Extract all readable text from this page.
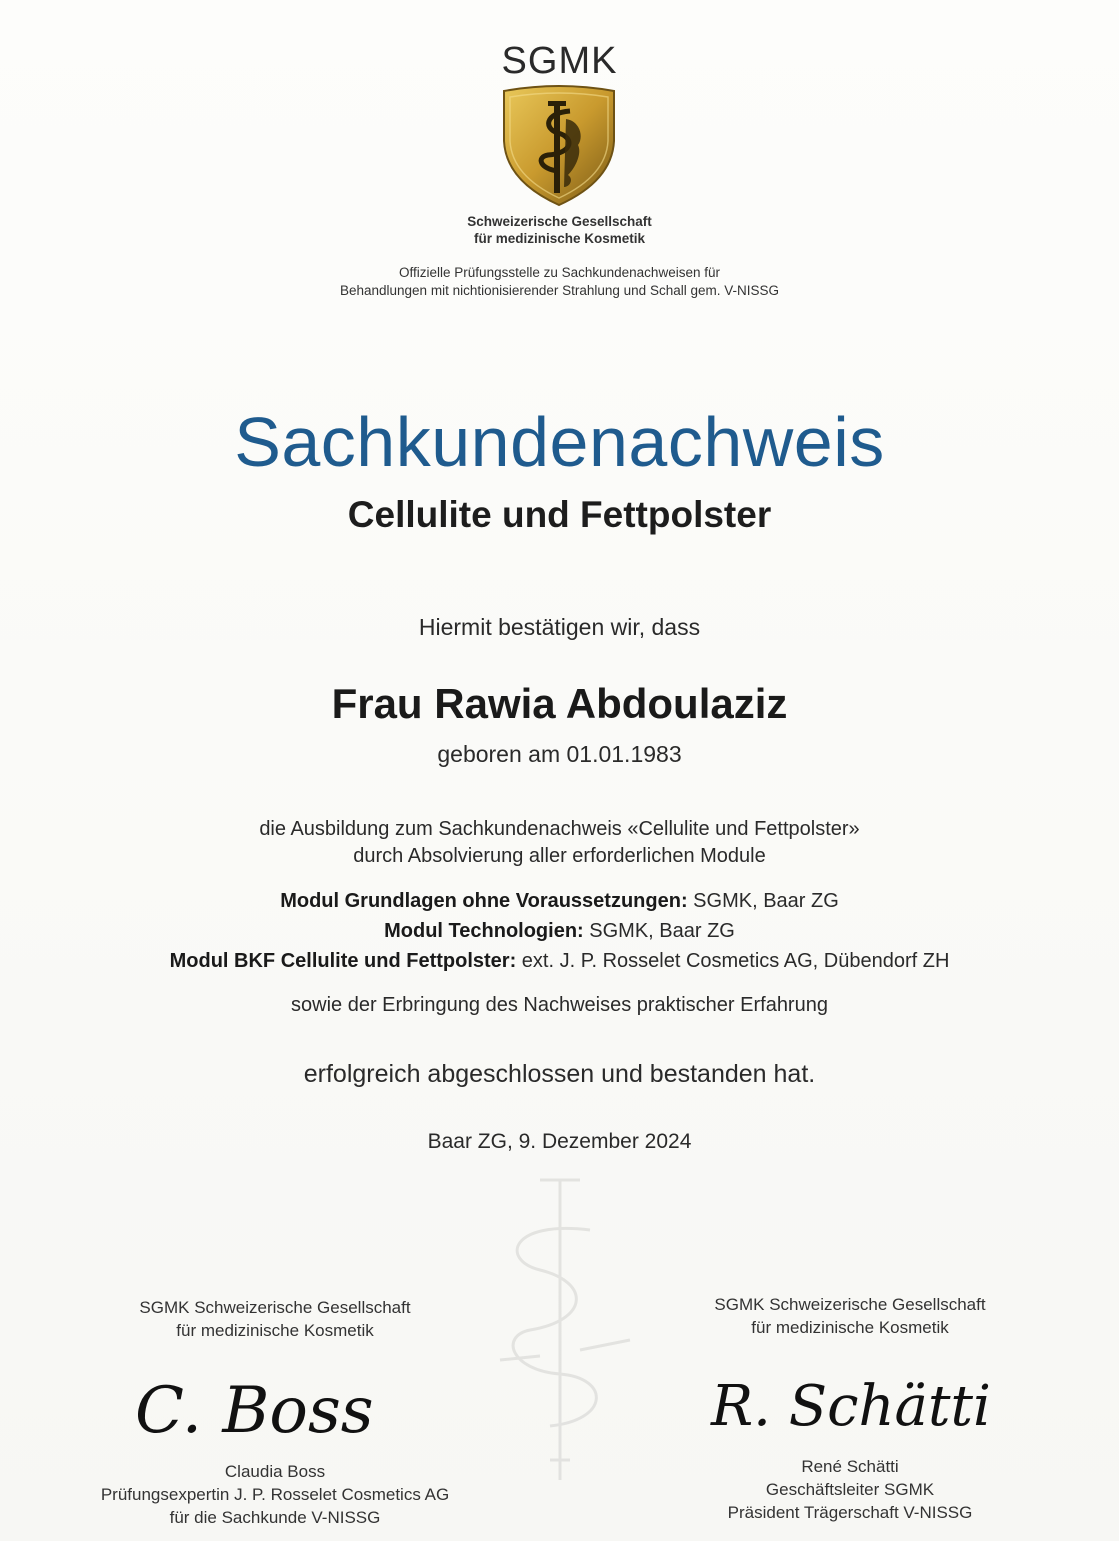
SGMK
Schweizerische Gesellschaft
für medizinische Kosmetik
Offizielle Prüfungsstelle zu Sachkundenachweisen für
Behandlungen mit nichtionisierender Strahlung und Schall gem. V-NISSG
Sachkundenachweis
Cellulite und Fettpolster
Hiermit bestätigen wir, dass
Frau Rawia Abdoulaziz
geboren am 01.01.1983
die Ausbildung zum Sachkundenachweis «Cellulite und Fettpolster»
durch Absolvierung aller erforderlichen Module
Modul Grundlagen ohne Voraussetzungen: SGMK, Baar ZG
Modul Technologien: SGMK, Baar ZG
Modul BKF Cellulite und Fettpolster: ext. J. P. Rosselet Cosmetics AG, Dübendorf ZH
sowie der Erbringung des Nachweises praktischer Erfahrung
erfolgreich abgeschlossen und bestanden hat.
Baar ZG, 9. Dezember 2024
SGMK Schweizerische Gesellschaft
für medizinische Kosmetik
C. Boss
Claudia Boss
Prüfungsexpertin J. P. Rosselet Cosmetics AG
für die Sachkunde V-NISSG
SGMK Schweizerische Gesellschaft
für medizinische Kosmetik
R. Schätti
René Schätti
Geschäftsleiter SGMK
Präsident Trägerschaft V-NISSG
